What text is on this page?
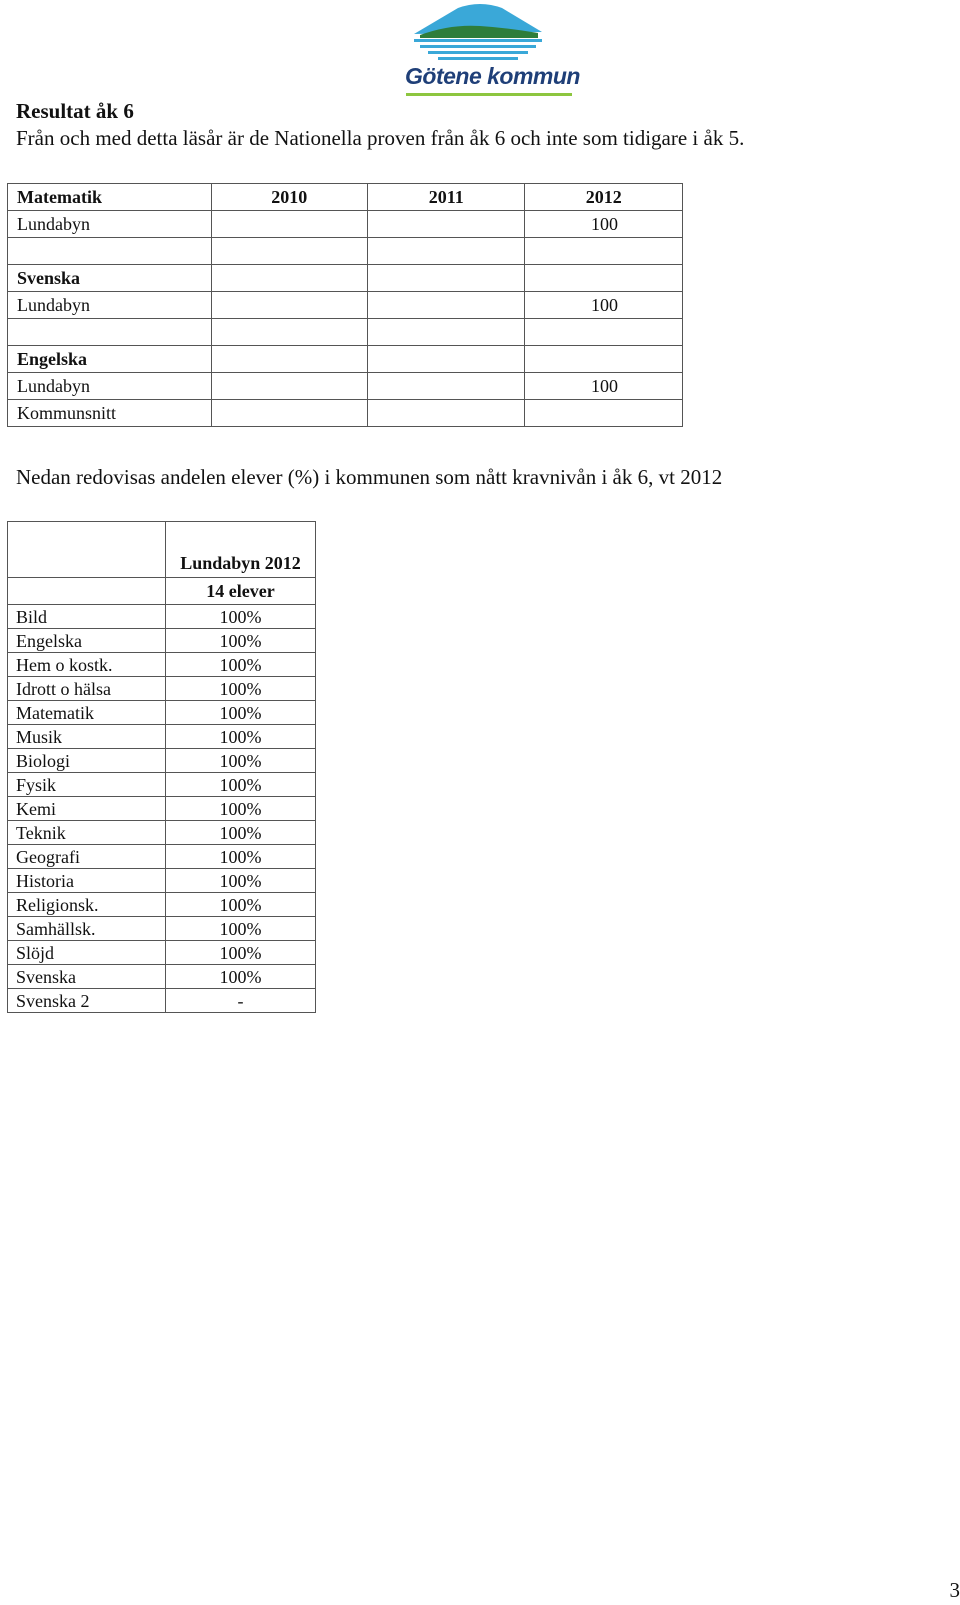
Götene kommun
Resultat åk 6
Från och med detta läsår är de Nationella proven från åk 6 och inte som tidigare i åk 5.
Matematik	2010	2011	2012
Lundabyn			100

Svenska			
Lundabyn			100

Engelska			
Lundabyn			100
Kommunsnitt			
Nedan redovisas andelen elever (%) i kommunen som nått kravnivån i åk 6, vt 2012
	Lundabyn 2012
	14 elever
Bild	100%
Engelska	100%
Hem o kostk.	100%
Idrott o hälsa	100%
Matematik	100%
Musik	100%
Biologi	100%
Fysik	100%
Kemi	100%
Teknik	100%
Geografi	100%
Historia	100%
Religionsk.	100%
Samhällsk.	100%
Slöjd	100%
Svenska	100%
Svenska 2	-
3
